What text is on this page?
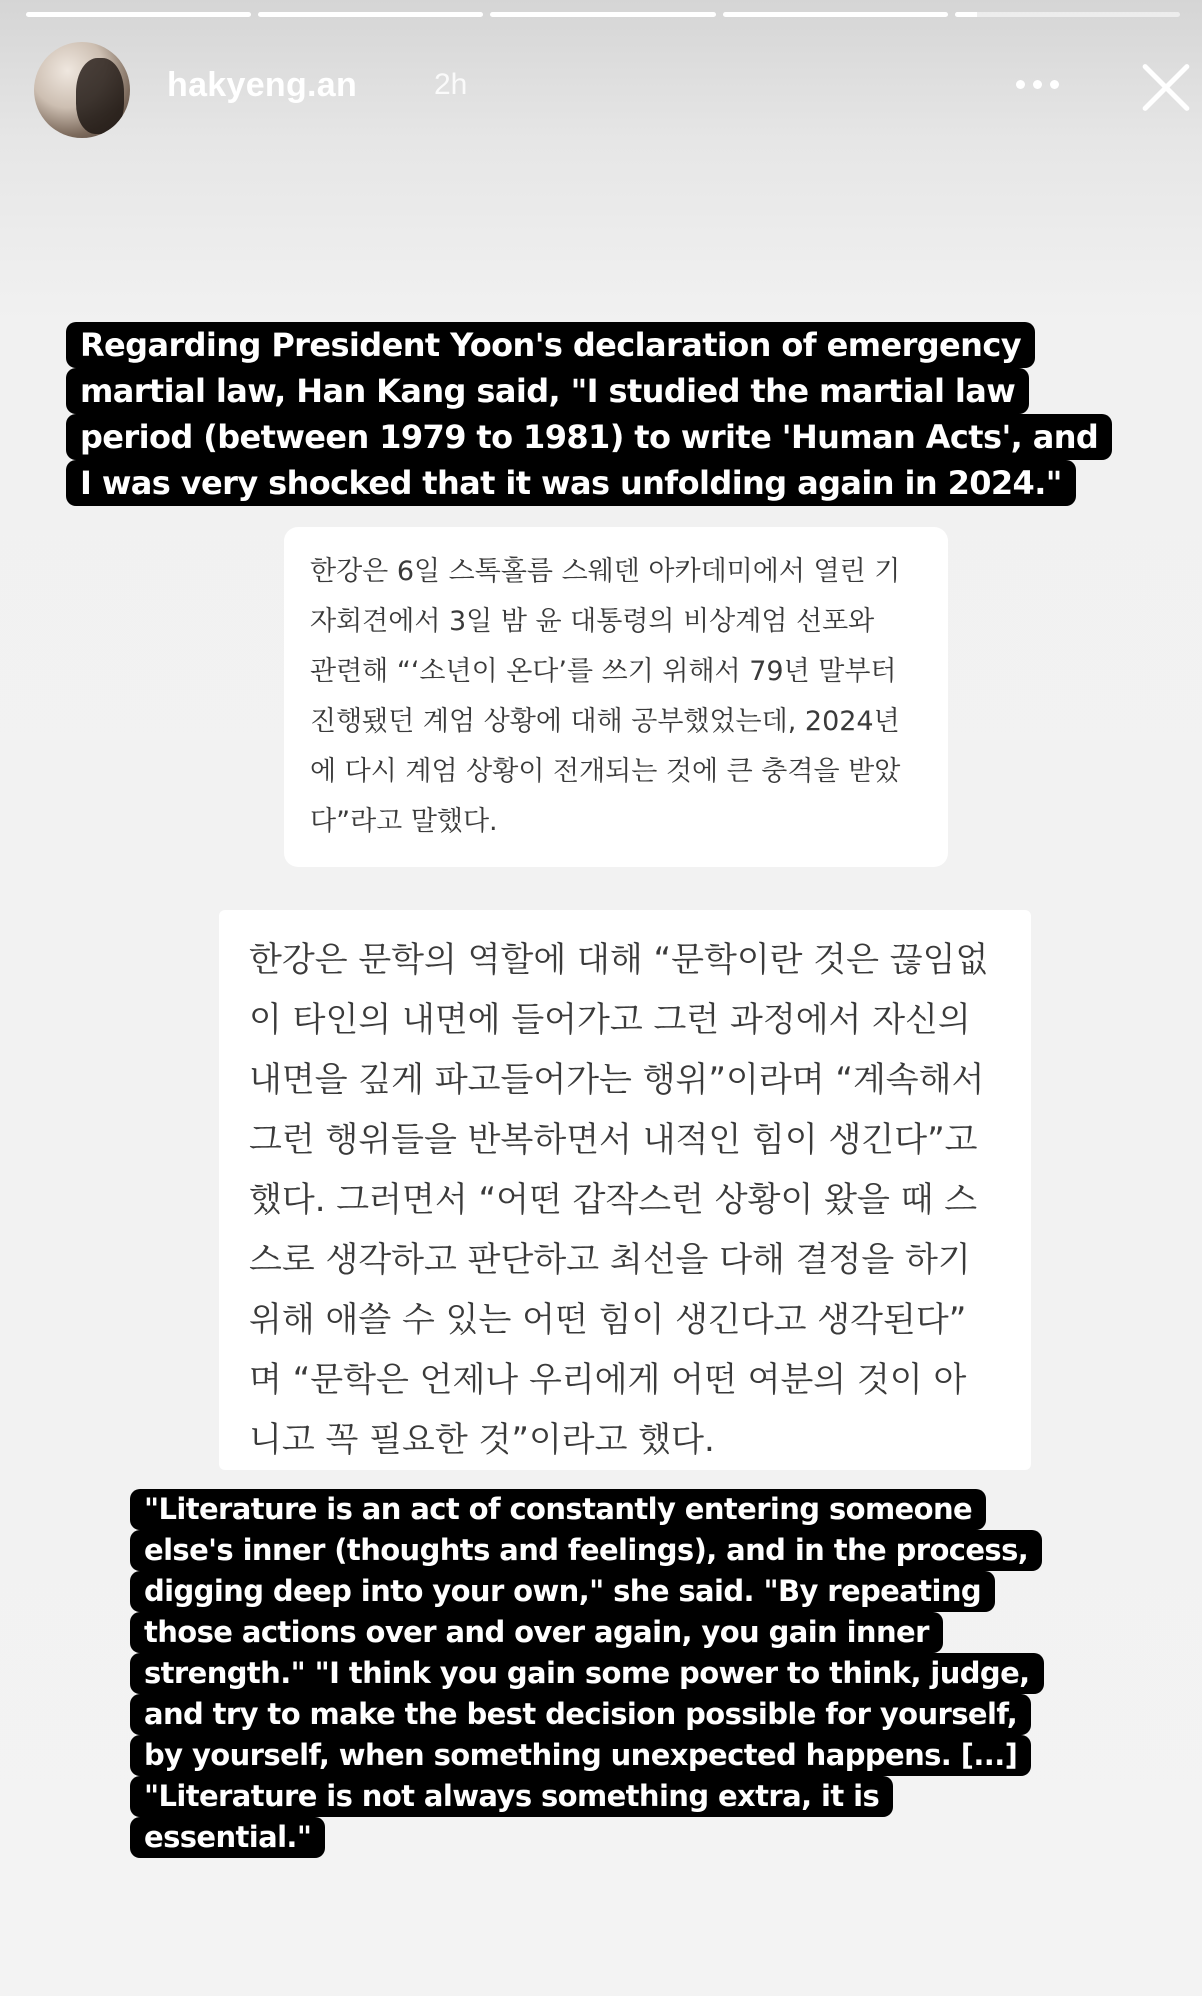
hakyeng.an	2h

Regarding President Yoon's declaration of emergency
martial law, Han Kang said, "I studied the martial law
period (between 1979 to 1981) to write 'Human Acts', and
I was very shocked that it was unfolding again in 2024."

한강은 6일 스톡홀름 스웨덴 아카데미에서 열린 기
자회견에서 3일 밤 윤 대통령의 비상계엄 선포와
관련해 “‘소년이 온다’를 쓰기 위해서 79년 말부터
진행됐던 계엄 상황에 대해 공부했었는데, 2024년
에 다시 계엄 상황이 전개되는 것에 큰 충격을 받았
다”라고 말했다.
한강은 문학의 역할에 대해 “문학이란 것은 끊임없
이 타인의 내면에 들어가고 그런 과정에서 자신의
내면을 깊게 파고들어가는 행위”이라며 “계속해서
그런 행위들을 반복하면서 내적인 힘이 생긴다”고
했다. 그러면서 “어떤 갑작스런 상황이 왔을 때 스
스로 생각하고 판단하고 최선을 다해 결정을 하기
위해 애쓸 수 있는 어떤 힘이 생긴다고 생각된다”
며 “문학은 언제나 우리에게 어떤 여분의 것이 아
니고 꼭 필요한 것”이라고 했다.

"Literature is an act of constantly entering someone
else's inner (thoughts and feelings), and in the process,
digging deep into your own," she said. "By repeating
those actions over and over again, you gain inner
strength." "I think you gain some power to think, judge,
and try to make the best decision possible for yourself,
by yourself, when something unexpected happens. [...]
"Literature is not always something extra, it is
essential."
